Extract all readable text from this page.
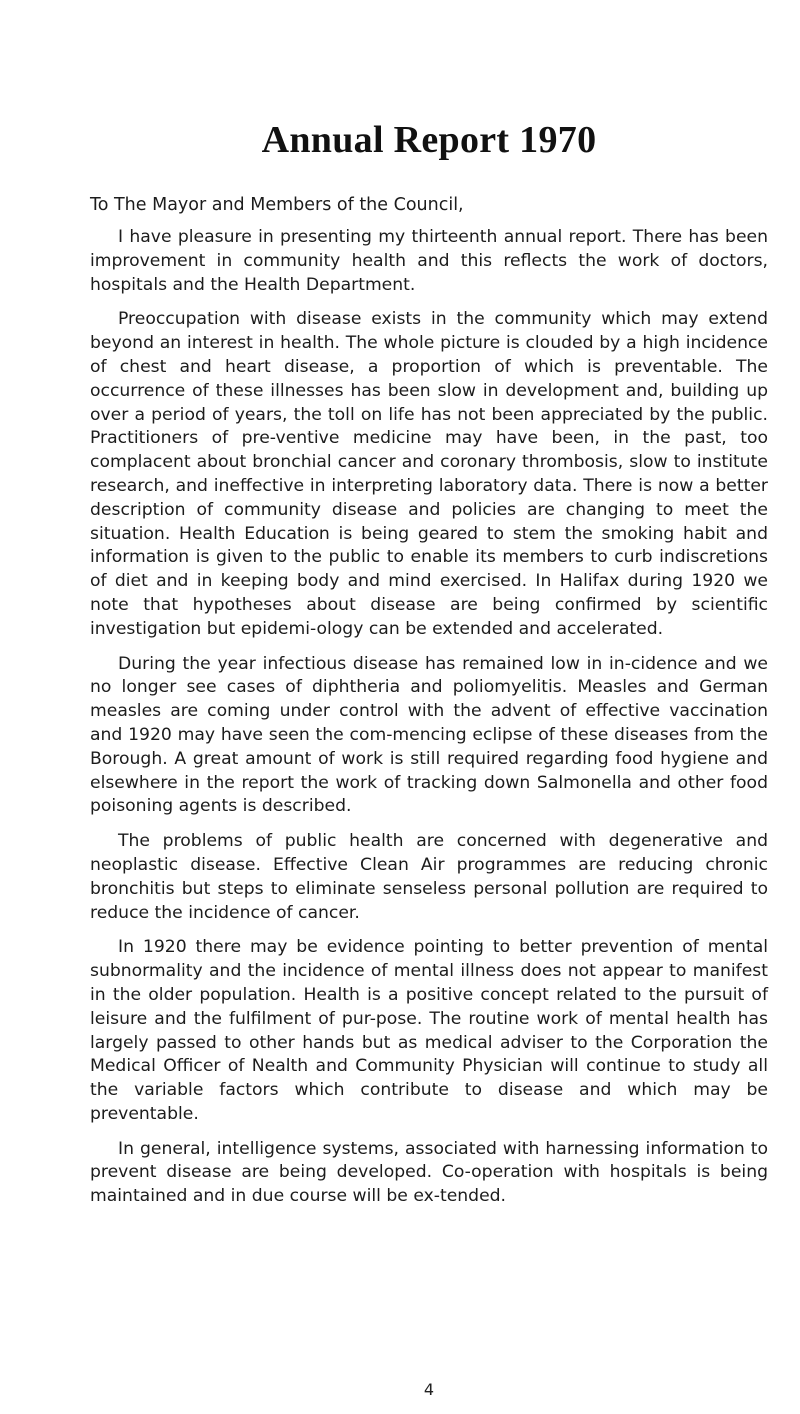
Annual Report 1970
To The Mayor and Members of the Council,

I have pleasure in presenting my thirteenth annual report. There has been improvement in community health and this reflects the work of doctors, hospitals and the Health Department.

Preoccupation with disease exists in the community which may extend beyond an interest in health. The whole picture is clouded by a high incidence of chest and heart disease, a proportion of which is preventable. The occurrence of these illnesses has been slow in development and, building up over a period of years, the toll on life has not been appreciated by the public. Practitioners of pre-ventive medicine may have been, in the past, too complacent about bronchial cancer and coronary thrombosis, slow to institute research, and ineffective in interpreting laboratory data. There is now a better description of community disease and policies are changing to meet the situation. Health Education is being geared to stem the smoking habit and information is given to the public to enable its members to curb indiscretions of diet and in keeping body and mind exercised. In Halifax during 1920 we note that hypotheses about disease are being confirmed by scientific investigation but epidemi-ology can be extended and accelerated.

During the year infectious disease has remained low in in-cidence and we no longer see cases of diphtheria and poliomyelitis. Measles and German measles are coming under control with the advent of effective vaccination and 1920 may have seen the com-mencing eclipse of these diseases from the Borough. A great amount of work is still required regarding food hygiene and elsewhere in the report the work of tracking down Salmonella and other food poisoning agents is described.

The problems of public health are concerned with degenerative and neoplastic disease. Effective Clean Air programmes are reducing chronic bronchitis but steps to eliminate senseless personal pollution are required to reduce the incidence of cancer.

In 1920 there may be evidence pointing to better prevention of mental subnormality and the incidence of mental illness does not appear to manifest in the older population. Health is a positive concept related to the pursuit of leisure and the fulfilment of pur-pose. The routine work of mental health has largely passed to other hands but as medical adviser to the Corporation the Medical Officer of Nealth and Community Physician will continue to study all the variable factors which contribute to disease and which may be preventable.

In general, intelligence systems, associated with harnessing information to prevent disease are being developed. Co-operation with hospitals is being maintained and in due course will be ex-tended.

4
